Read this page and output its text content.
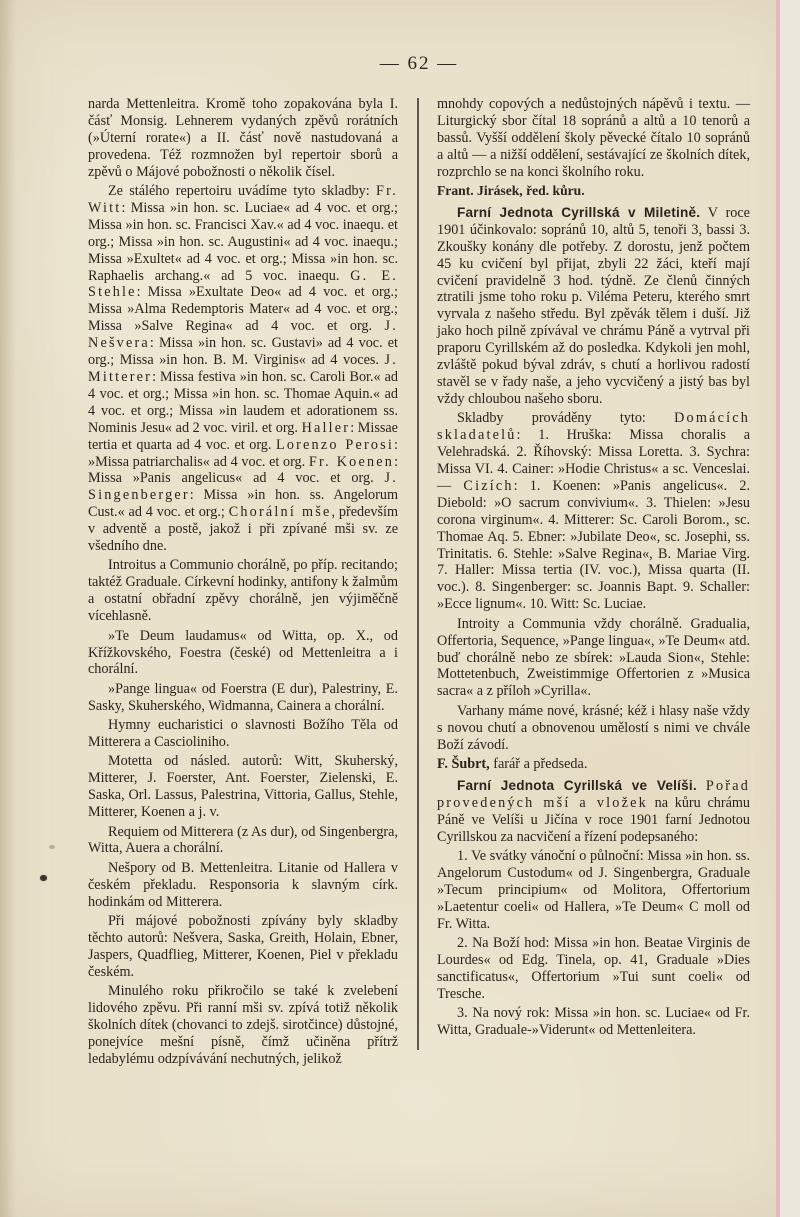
— 62 —

narda Mettenleitra. Kromě toho zopakována byla I. čásť Monsig. Lehnerem vydaných zpěvů rorátních (»Úterní rorate«) a II. čásť nově nastudovaná a provedena. Též rozmnožen byl repertoir sborů a zpěvů o Májové pobožnosti o několik čísel.

Ze stálého repertoiru uvádíme tyto skladby: Fr. Witt: Missa »in hon. sc. Luciae« ad 4 voc. et org.; Missa »in hon. sc. Francisci Xav.« ad 4 voc. inaequ. et org.; Missa »in hon. sc. Augustini« ad 4 voc. inaequ.; Missa »Exultet« ad 4 voc. et org.; Missa »in hon. sc. Raphaelis archang.« ad 5 voc. inaequ. G. E. Stehle: Missa »Exultate Deo« ad 4 voc. et org.; Missa »Alma Redemptoris Mater« ad 4 voc. et org.; Missa »Salve Regina« ad 4 voc. et org. J. Nešvera: Missa »in hon. sc. Gustavi» ad 4 voc. et org.; Missa »in hon. B. M. Virginis« ad 4 voces. J. Mitterer: Missa festiva »in hon. sc. Caroli Bor.« ad 4 voc. et org.; Missa »in hon. sc. Thomae Aquin.« ad 4 voc. et org.; Missa »in laudem et adorationem ss. Nominis Jesu« ad 2 voc. viril. et org. Haller: Missae tertia et quarta ad 4 voc. et org. Lorenzo Perosi: »Missa patriarchalis« ad 4 voc. et org. Fr. Koenen: Missa »Panis angelicus« ad 4 voc. et org. J. Singenberger: Missa »in hon. ss. Angelorum Cust.« ad 4 voc. et org.; Chorální mše, především v adventě a postě, jakož i při zpívané mši sv. ze všedního dne.

Introitus a Communio chorálně, po příp. recitando; taktéž Graduale. Církevní hodinky, antifony k žalmům a ostatní obřadní zpěvy chorálně, jen výjiměčně vícehlasně.

»Te Deum laudamus« od Witta, op. X., od Křížkovského, Foestra (české) od Mettenleitra a i chorální.

»Pange lingua« od Foerstra (E dur), Palestriny, E. Sasky, Skuherského, Widmanna, Cainera a chorální.

Hymny eucharistici o slavnosti Božího Těla od Mitterera a Cascioliniho.

Motetta od násled. autorů: Witt, Skuherský, Mitterer, J. Foerster, Ant. Foerster, Zielenski, E. Saska, Orl. Lassus, Palestrina, Vittoria, Gallus, Stehle, Mitterer, Koenen a j. v.

Requiem od Mitterera (z As dur), od Singenbergra, Witta, Auera a chorální.

Nešpory od B. Mettenleitra. Litanie od Hallera v českém překladu. Responsoria k slavným círk. hodinkám od Mitterera.

Při májové pobožnosti zpívány byly skladby těchto autorů: Nešvera, Saska, Greith, Holain, Ebner, Jaspers, Quadflieg, Mitterer, Koenen, Piel v překladu českém.

Minulého roku přikročilo se také k zvelebení lidového zpěvu. Při ranní mši sv. zpívá totiž několik školních dítek (chovanci to zdejš. sirotčince) důstojné, ponejvíce mešní písně, čímž učiněna přítrž ledabylému odzpívávání nechutných, jelikož

mnohdy copových a nedůstojných nápěvů i textu. — Liturgický sbor čítal 18 sopránů a altů a 10 tenorů a bassů. Vyšší oddělení školy pěvecké čítalo 10 sopránů a altů — a nižší oddělení, sestávající ze školních dítek, rozprchlo se na konci školního roku.

Frant. Jirásek, řed. kůru.

Farní Jednota Cyrillská v Miletině. V roce 1901 účinkovalo: sopránů 10, altů 5, tenoři 3, bassi 3. Zkoušky konány dle potřeby. Z dorostu, jenž počtem 45 ku cvičení byl přijat, zbyli 22 žáci, kteří mají cvičení pravidelně 3 hod. týdně. Ze členů činných ztratili jsme toho roku p. Viléma Peteru, kterého smrt vyrvala z našeho středu. Byl zpěvák tělem i duší. Již jako hoch pilně zpívával ve chrámu Páně a vytrval při praporu Cyrillském až do posledka. Kdykoli jen mohl, zvláště pokud býval zdráv, s chutí a horlivou radostí stavěl se v řady naše, a jeho vycvičený a jistý bas byl vždy chloubou našeho sboru.

Skladby prováděny tyto: Domácích skladatelů: 1. Hruška: Missa choralis a Velehradská. 2. Říhovský: Missa Loretta. 3. Sychra: Missa VI. 4. Cainer: »Hodie Christus« a sc. Venceslai. — Cizích: 1. Koenen: »Panis angelicus«. 2. Diebold: »O sacrum convivium«. 3. Thielen: »Jesu corona virginum«. 4. Mitterer: Sc. Caroli Borom., sc. Thomae Aq. 5. Ebner: »Jubilate Deo«, sc. Josephi, ss. Trinitatis. 6. Stehle: »Salve Regina«, B. Mariae Virg. 7. Haller: Missa tertia (IV. voc.), Missa quarta (II. voc.). 8. Singenberger: sc. Joannis Bapt. 9. Schaller: »Ecce lignum«. 10. Witt: Sc. Luciae.

Introity a Communia vždy chorálně. Gradualia, Offertoria, Sequence, »Pange lingua«, »Te Deum« atd. buď chorálně nebo ze sbírek: »Lauda Sion«, Stehle: Mottetenbuch, Zweistimmige Offertorien z »Musica sacra« a z příloh »Cyrilla«.

Varhany máme nové, krásné; kéž i hlasy naše vždy s novou chutí a obnovenou umělostí s nimi ve chvále Boží závodí.

F. Šubrt, farář a předseda.

Farní Jednota Cyrillská ve Velíši. Pořad provedených mší a vložek na kůru chrámu Páně ve Velíši u Jičína v roce 1901 farní Jednotou Cyrillskou za nacvičení a řízení podepsaného:

1. Ve svátky vánoční o půlnoční: Missa »in hon. ss. Angelorum Custodum« od J. Singenbergra, Graduale »Tecum principium« od Molitora, Offertorium »Laetentur coeli« od Hallera, »Te Deum« C moll od Fr. Witta.

2. Na Boží hod: Missa »in hon. Beatae Virginis de Lourdes« od Edg. Tinela, op. 41, Graduale »Dies sanctificatus«, Offertorium »Tui sunt coeli« od Tresche.

3. Na nový rok: Missa »in hon. sc. Luciae« od Fr. Witta, Graduale-»Viderunt« od Mettenleitera.
